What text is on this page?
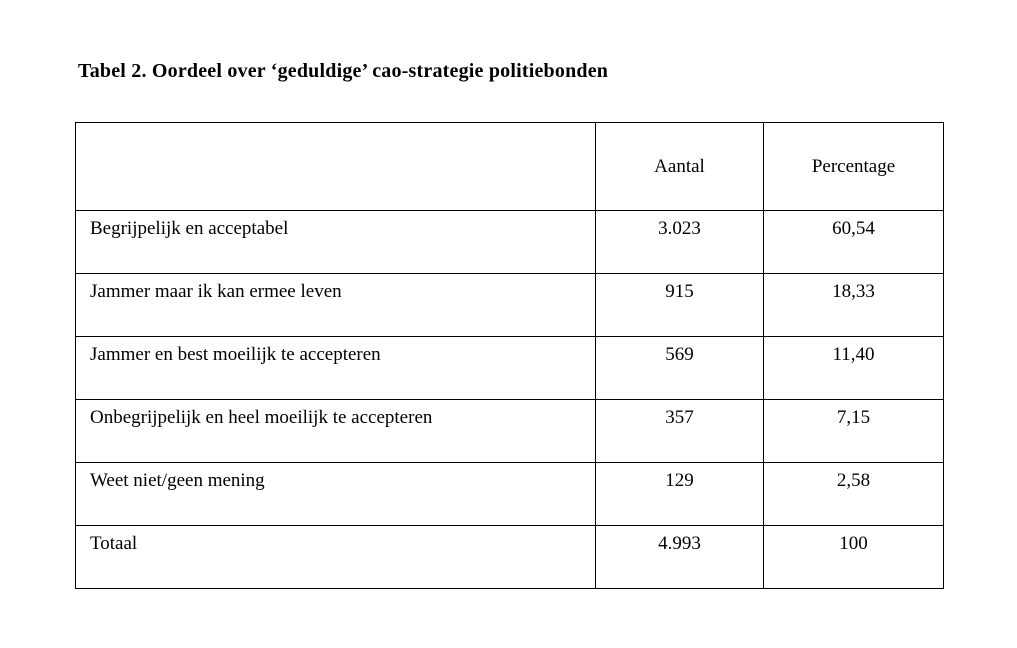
Tabel 2. Oordeel over ‘geduldige’ cao-strategie politiebonden
	Aantal	Percentage
Begrijpelijk en acceptabel	3.023	60,54
Jammer maar ik kan ermee leven	915	18,33
Jammer en best moeilijk te accepteren	569	11,40
Onbegrijpelijk en heel moeilijk te accepteren	357	7,15
Weet niet/geen mening	129	2,58
Totaal	4.993	100
